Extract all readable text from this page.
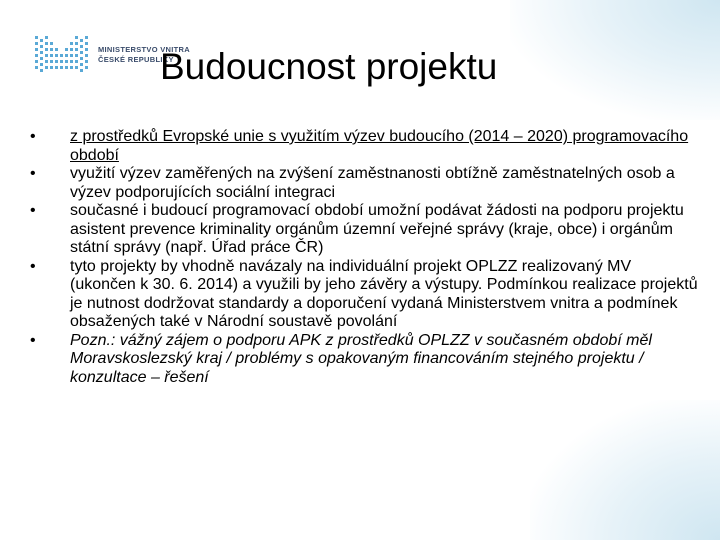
MINISTERSTVO VNITRA
ČESKÉ REPUBLIKY
Budoucnost projektu
•	z prostředků Evropské unie s využitím výzev budoucího (2014 – 2020) programovacího období
•	využití výzev zaměřených na zvýšení zaměstnanosti obtížně zaměstnatelných osob a výzev podporujících sociální integraci
•	současné i budoucí programovací období umožní podávat žádosti na podporu projektu asistent prevence kriminality orgánům územní veřejné správy (kraje, obce) i orgánům státní správy (např. Úřad práce ČR)
•	tyto projekty by vhodně navázaly na individuální projekt OPLZZ realizovaný MV (ukončen k 30. 6. 2014) a využili by jeho závěry a výstupy. Podmínkou realizace projektů je nutnost dodržovat standardy a doporučení vydaná Ministerstvem vnitra a podmínek obsažených také v Národní soustavě povolání
•	Pozn.: vážný zájem o podporu APK z prostředků OPLZZ v současném období měl Moravskoslezský kraj / problémy s opakovaným financováním stejného projektu / konzultace – řešení
